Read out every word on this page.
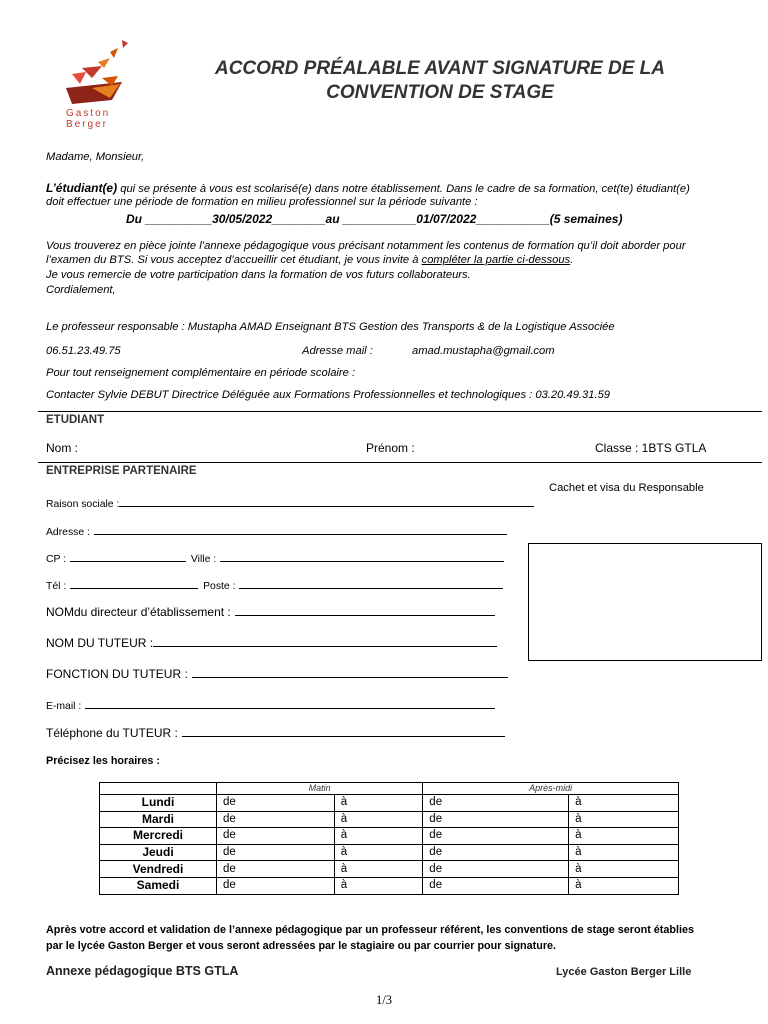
Gaston
Berger
ACCORD PRÉALABLE AVANT SIGNATURE DE LA
CONVENTION DE STAGE
Madame, Monsieur,
L’étudiant(e) qui se présente à vous est scolarisé(e) dans notre établissement. Dans le cadre de sa formation, cet(te) étudiant(e)
doit effectuer une période de formation en milieu professionnel sur la période suivante :
Du __________30/05/2022________au ___________01/07/2022___________(5 semaines)
Vous trouverez en pièce jointe l’annexe pédagogique vous précisant notamment les contenus de formation qu’il doit aborder pour
l’examen du BTS. Si vous acceptez d’accueillir cet étudiant, je vous invite à compléter la partie ci-dessous.
Je vous remercie de votre participation dans la formation de vos futurs collaborateurs.
Cordialement,
Le professeur responsable : Mustapha AMAD Enseignant BTS Gestion des Transports & de la Logistique Associée
06.51.23.49.75	Adresse mail :	amad.mustapha@gmail.com
Pour tout renseignement complémentaire en période scolaire :
Contacter Sylvie DEBUT Directrice Déléguée aux Formations Professionnelles et technologiques : 03.20.49.31.59
ETUDIANT
Nom :	Prénom :	Classe : 1BTS GTLA
ENTREPRISE PARTENAIRE
Cachet et visa du Responsable
Raison sociale :
Adresse :
CP :	Ville :
Tél :	Poste :
NOMdu directeur d’établissement :
NOM DU TUTEUR :
FONCTION DU TUTEUR :
E-mail :
Téléphone du TUTEUR :
Précisez les horaires :
	Matin		Après-midi	
Lundi	de	à	de	à
Mardi	de	à	de	à
Mercredi	de	à	de	à
Jeudi	de	à	de	à
Vendredi	de	à	de	à
Samedi	de	à	de	à
Après votre accord et validation de l’annexe pédagogique par un professeur référent, les conventions de stage seront établies
par le lycée Gaston Berger et vous seront adressées par le stagiaire ou par courrier pour signature.
Annexe pédagogique BTS GTLA	Lycée Gaston Berger Lille
1/3
